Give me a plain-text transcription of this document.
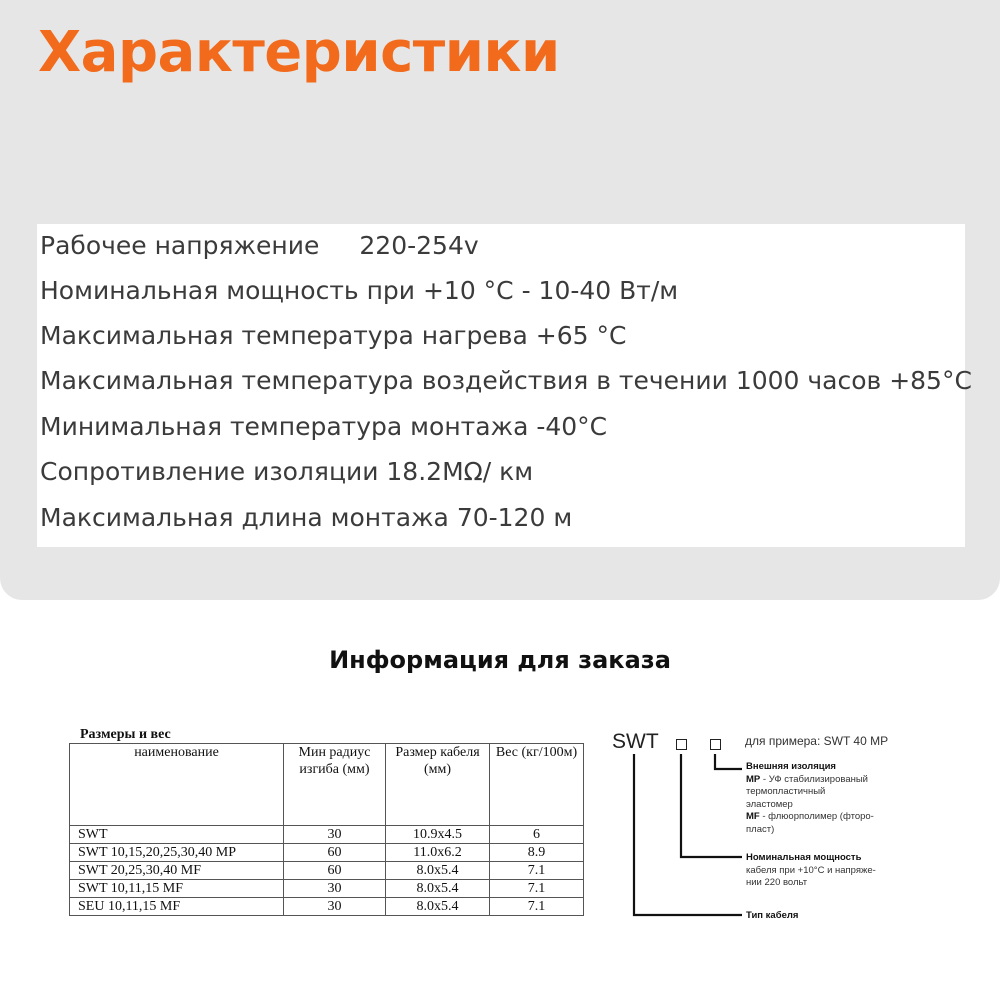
Характеристики
Рабочее напряжение 220-254v
Номинальная мощность при +10 °C - 10-40 Вт/м
Максимальная температура нагрева +65 °C
Максимальная температура воздействия в течении 1000 часов +85°C
Минимальная температура монтажа -40°C
Сопротивление изоляции 18.2MΩ/ км
Максимальная длина монтажа 70-120 м
Информация для заказа
Размеры и вес
наименование	Мин радиус изгиба (мм)	Размер кабеля (мм)	Вес (кг/100м)
SWT	30	10.9x4.5	6
SWT 10,15,20,25,30,40 MP	60	11.0x6.2	8.9
SWT 20,25,30,40 MF	60	8.0x5.4	7.1
SWT 10,11,15 MF	30	8.0x5.4	7.1
SEU 10,11,15 MF	30	8.0x5.4	7.1
SWT	для примера: SWT 40 MP
Внешняя изоляция
MP - УФ стабилизированый
термопластичный
эластомер
MF - флюорполимер (фторо-
пласт)
Номинальная мощность
кабеля при +10°С и напряже-
нии 220 вольт
Тип кабеля
